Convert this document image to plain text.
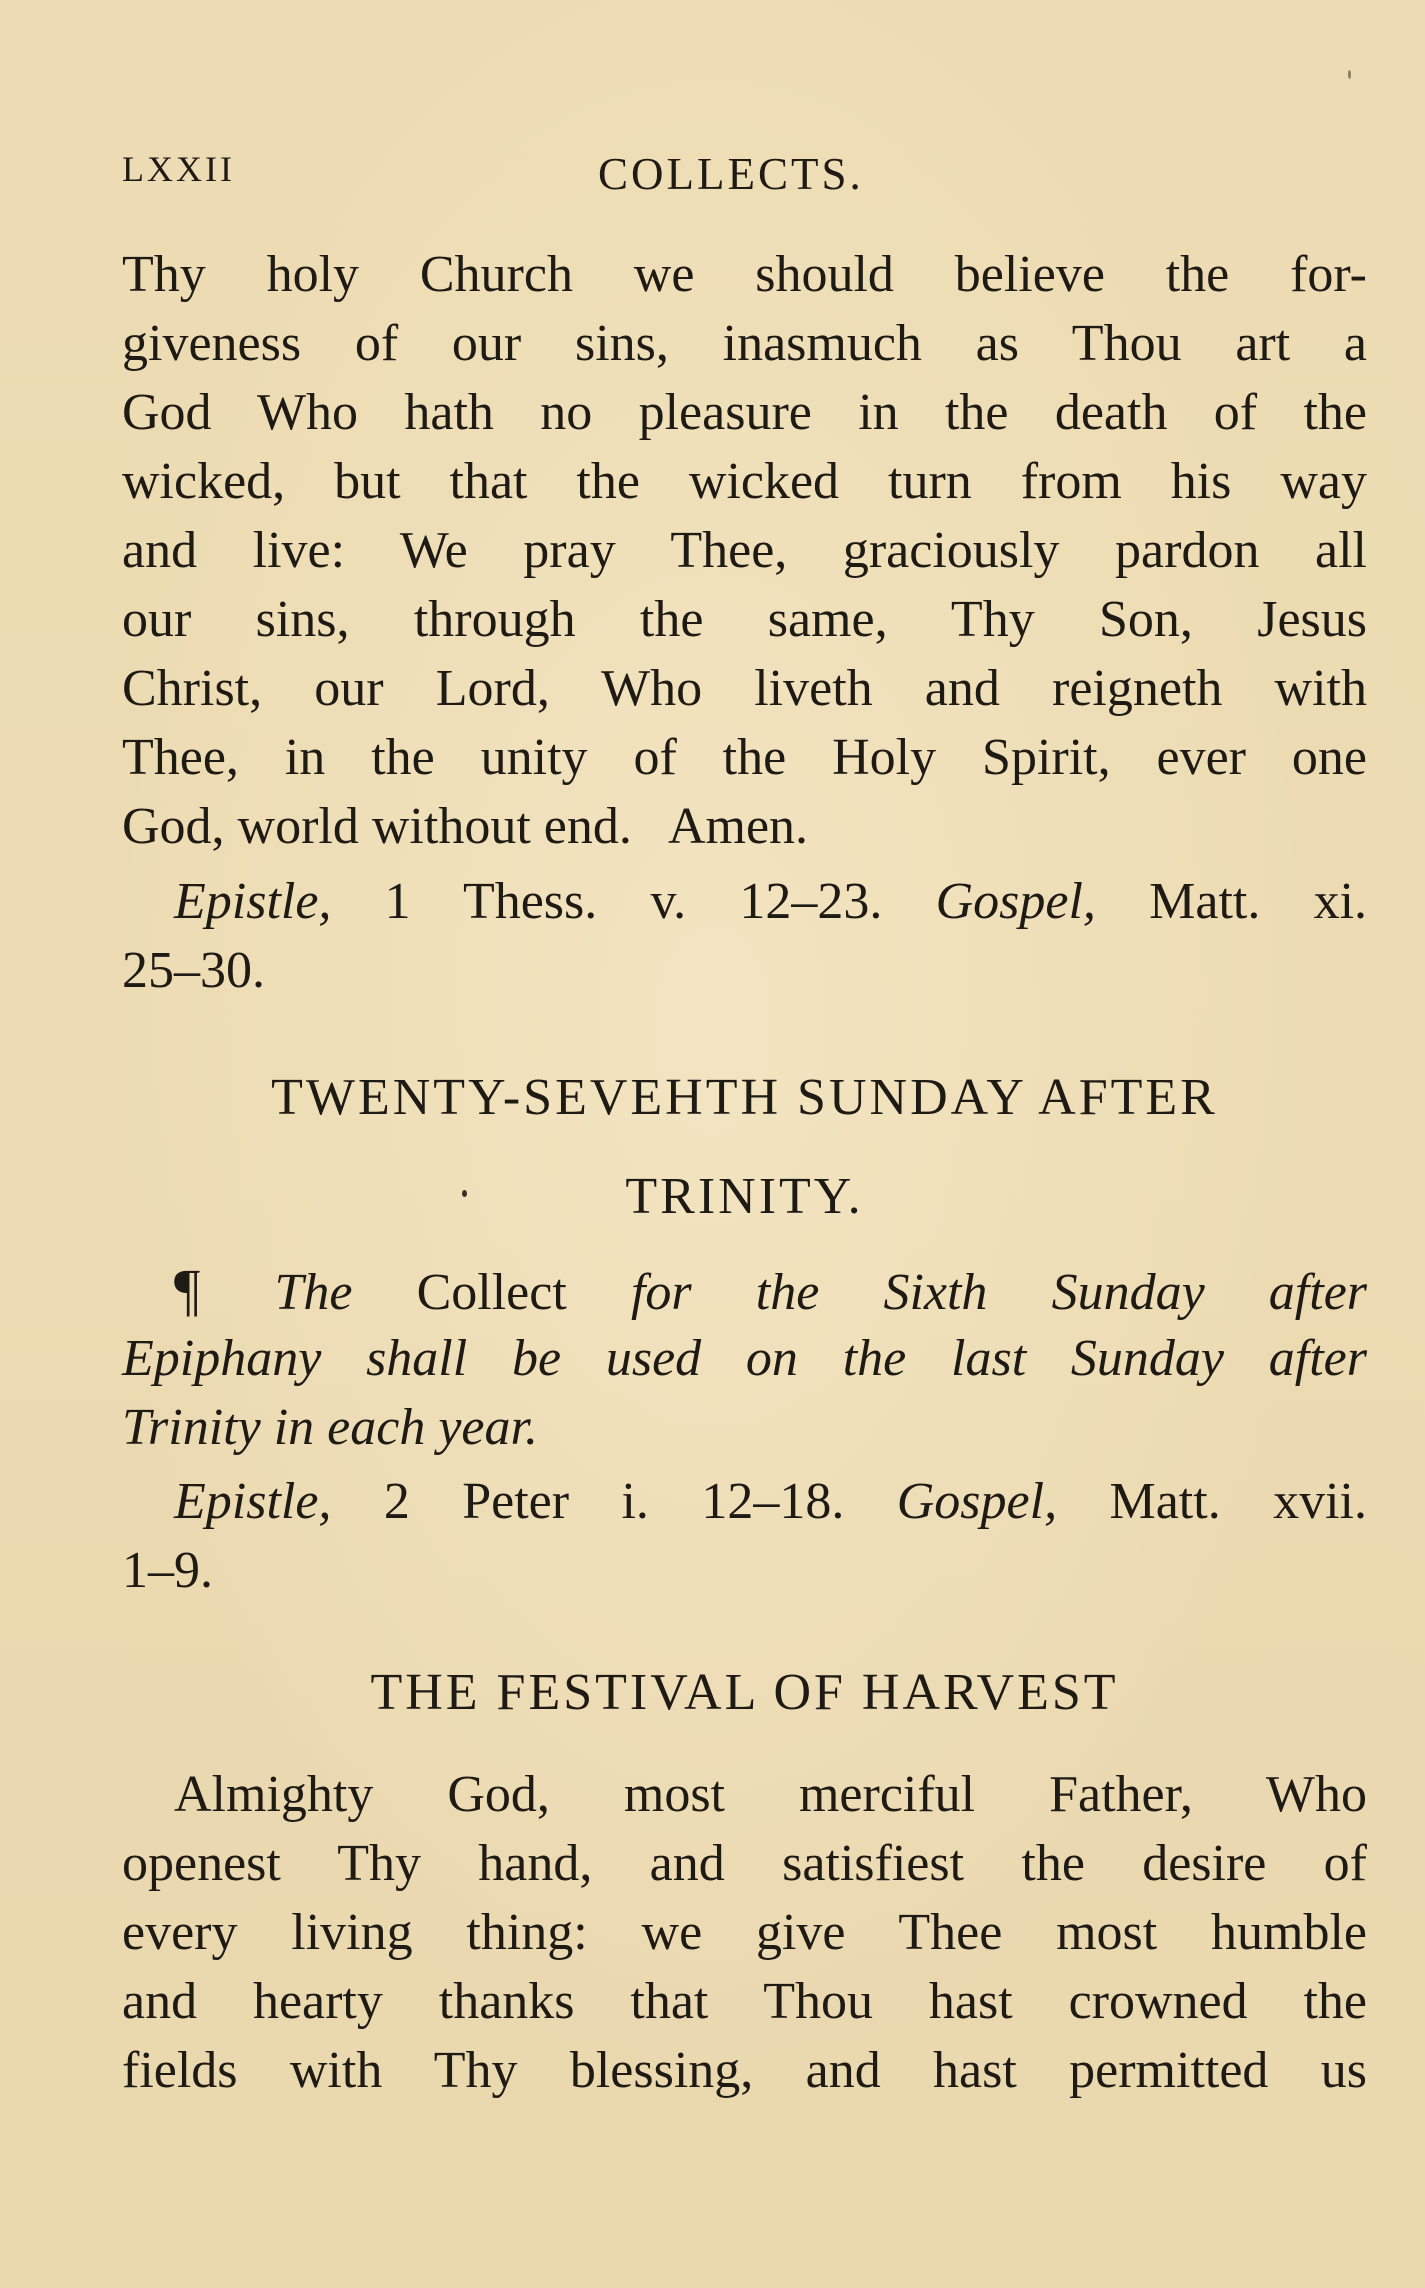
LXXII	COLLECTS.
Thy holy Church we should believe the for-
giveness of our sins, inasmuch as Thou art a
God Who hath no pleasure in the death of the
wicked, but that the wicked turn from his way
and live: We pray Thee, graciously pardon all
our sins, through the same, Thy Son, Jesus
Christ, our Lord, Who liveth and reigneth with
Thee, in the unity of the Holy Spirit, ever one
God, world without end.   Amen.
Epistle, 1 Thess. v. 12–23. Gospel, Matt. xi.
25–30.
TWENTY-SEVEHTH SUNDAY AFTER
TRINITY.
¶ The Collect for the Sixth Sunday after
Epiphany shall be used on the last Sunday after
Trinity in each year.
Epistle, 2 Peter i. 12–18. Gospel, Matt. xvii.
1–9.
THE FESTIVAL OF HARVEST
Almighty God, most merciful Father, Who
openest Thy hand, and satisfiest the desire of
every living thing: we give Thee most humble
and hearty thanks that Thou hast crowned the
fields with Thy blessing, and hast permitted us
